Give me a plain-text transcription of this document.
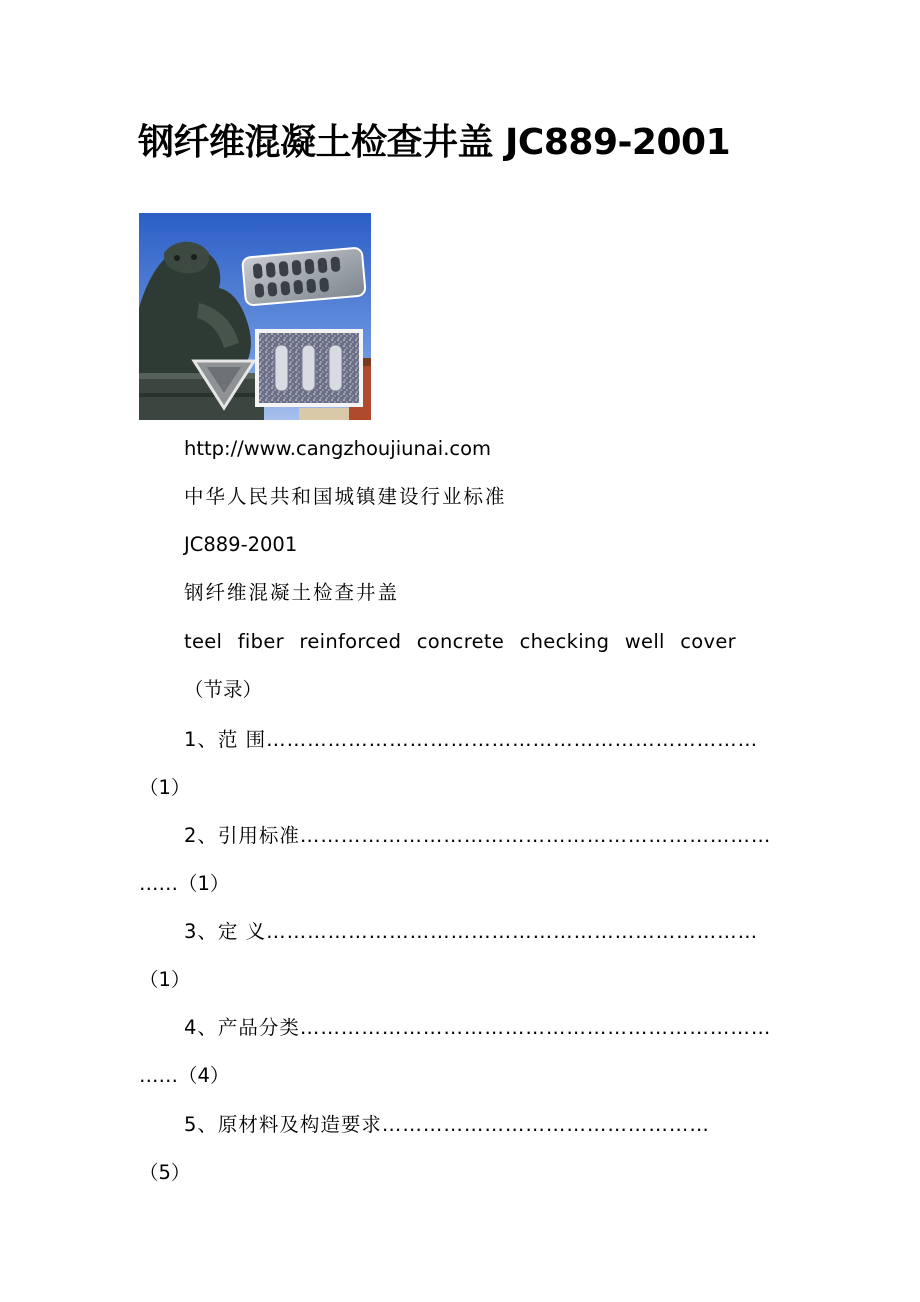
钢纤维混凝土检查井盖 JC889-2001
http://www.cangzhoujiunai.com
中华人民共和国城镇建设行业标准
JC889-2001
钢纤维混凝土检查井盖
teel fiber reinforced concrete checking well cover
（节录）
1、范 围………………………………………………………………
（1）
2、引用标准……………………………………………………………
……（1）
3、定 义………………………………………………………………
（1）
4、产品分类……………………………………………………………
……（4）
5、原材料及构造要求…………………………………………
（5）
